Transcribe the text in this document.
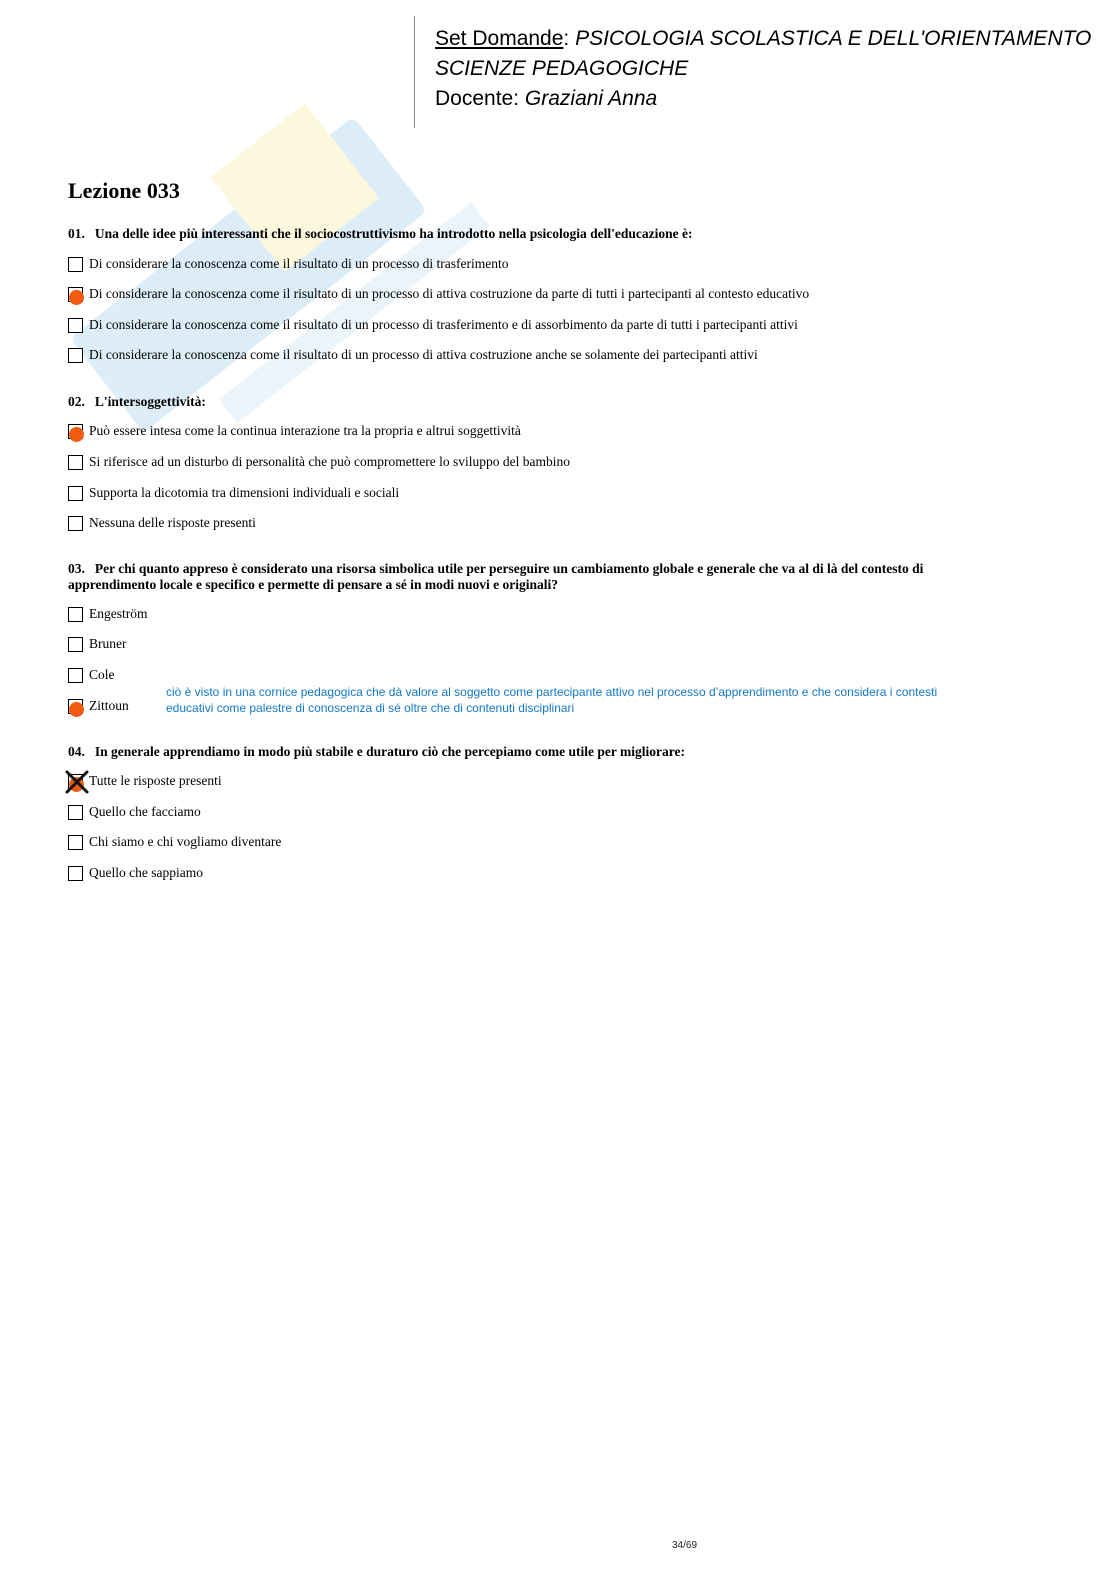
Set Domande: PSICOLOGIA SCOLASTICA E DELL'ORIENTAMENTO
SCIENZE PEDAGOGICHE
Docente: Graziani Anna
Lezione 033
01. Una delle idee più interessanti che il sociocostruttivismo ha introdotto nella psicologia dell'educazione è:
Di considerare la conoscenza come il risultato di un processo di trasferimento
Di considerare la conoscenza come il risultato di un processo di attiva costruzione da parte di tutti i partecipanti al contesto educativo
Di considerare la conoscenza come il risultato di un processo di trasferimento e di assorbimento da parte di tutti i partecipanti attivi
Di considerare la conoscenza come il risultato di un processo di attiva costruzione anche se solamente dei partecipanti attivi
02. L'intersoggettività:
Può essere intesa come la continua interazione tra la propria e altrui soggettività
Si riferisce ad un disturbo di personalità che può compromettere lo sviluppo del bambino
Supporta la dicotomia tra dimensioni individuali e sociali
Nessuna delle risposte presenti
03. Per chi quanto appreso è considerato una risorsa simbolica utile per perseguire un cambiamento globale e generale che va al di là del contesto di apprendimento locale e specifico e permette di pensare a sé in modi nuovi e originali?
Engeström
Bruner
Cole
Zittoun
ciò è visto in una cornice pedagogica che dà valore al soggetto come partecipante attivo nel processo d’apprendimento e che considera i contesti educativi come palestre di conoscenza di sé oltre che di contenuti disciplinari
04. In generale apprendiamo in modo più stabile e duraturo ciò che percepiamo come utile per migliorare:
Tutte le risposte presenti
Quello che facciamo
Chi siamo e chi vogliamo diventare
Quello che sappiamo
34/69
